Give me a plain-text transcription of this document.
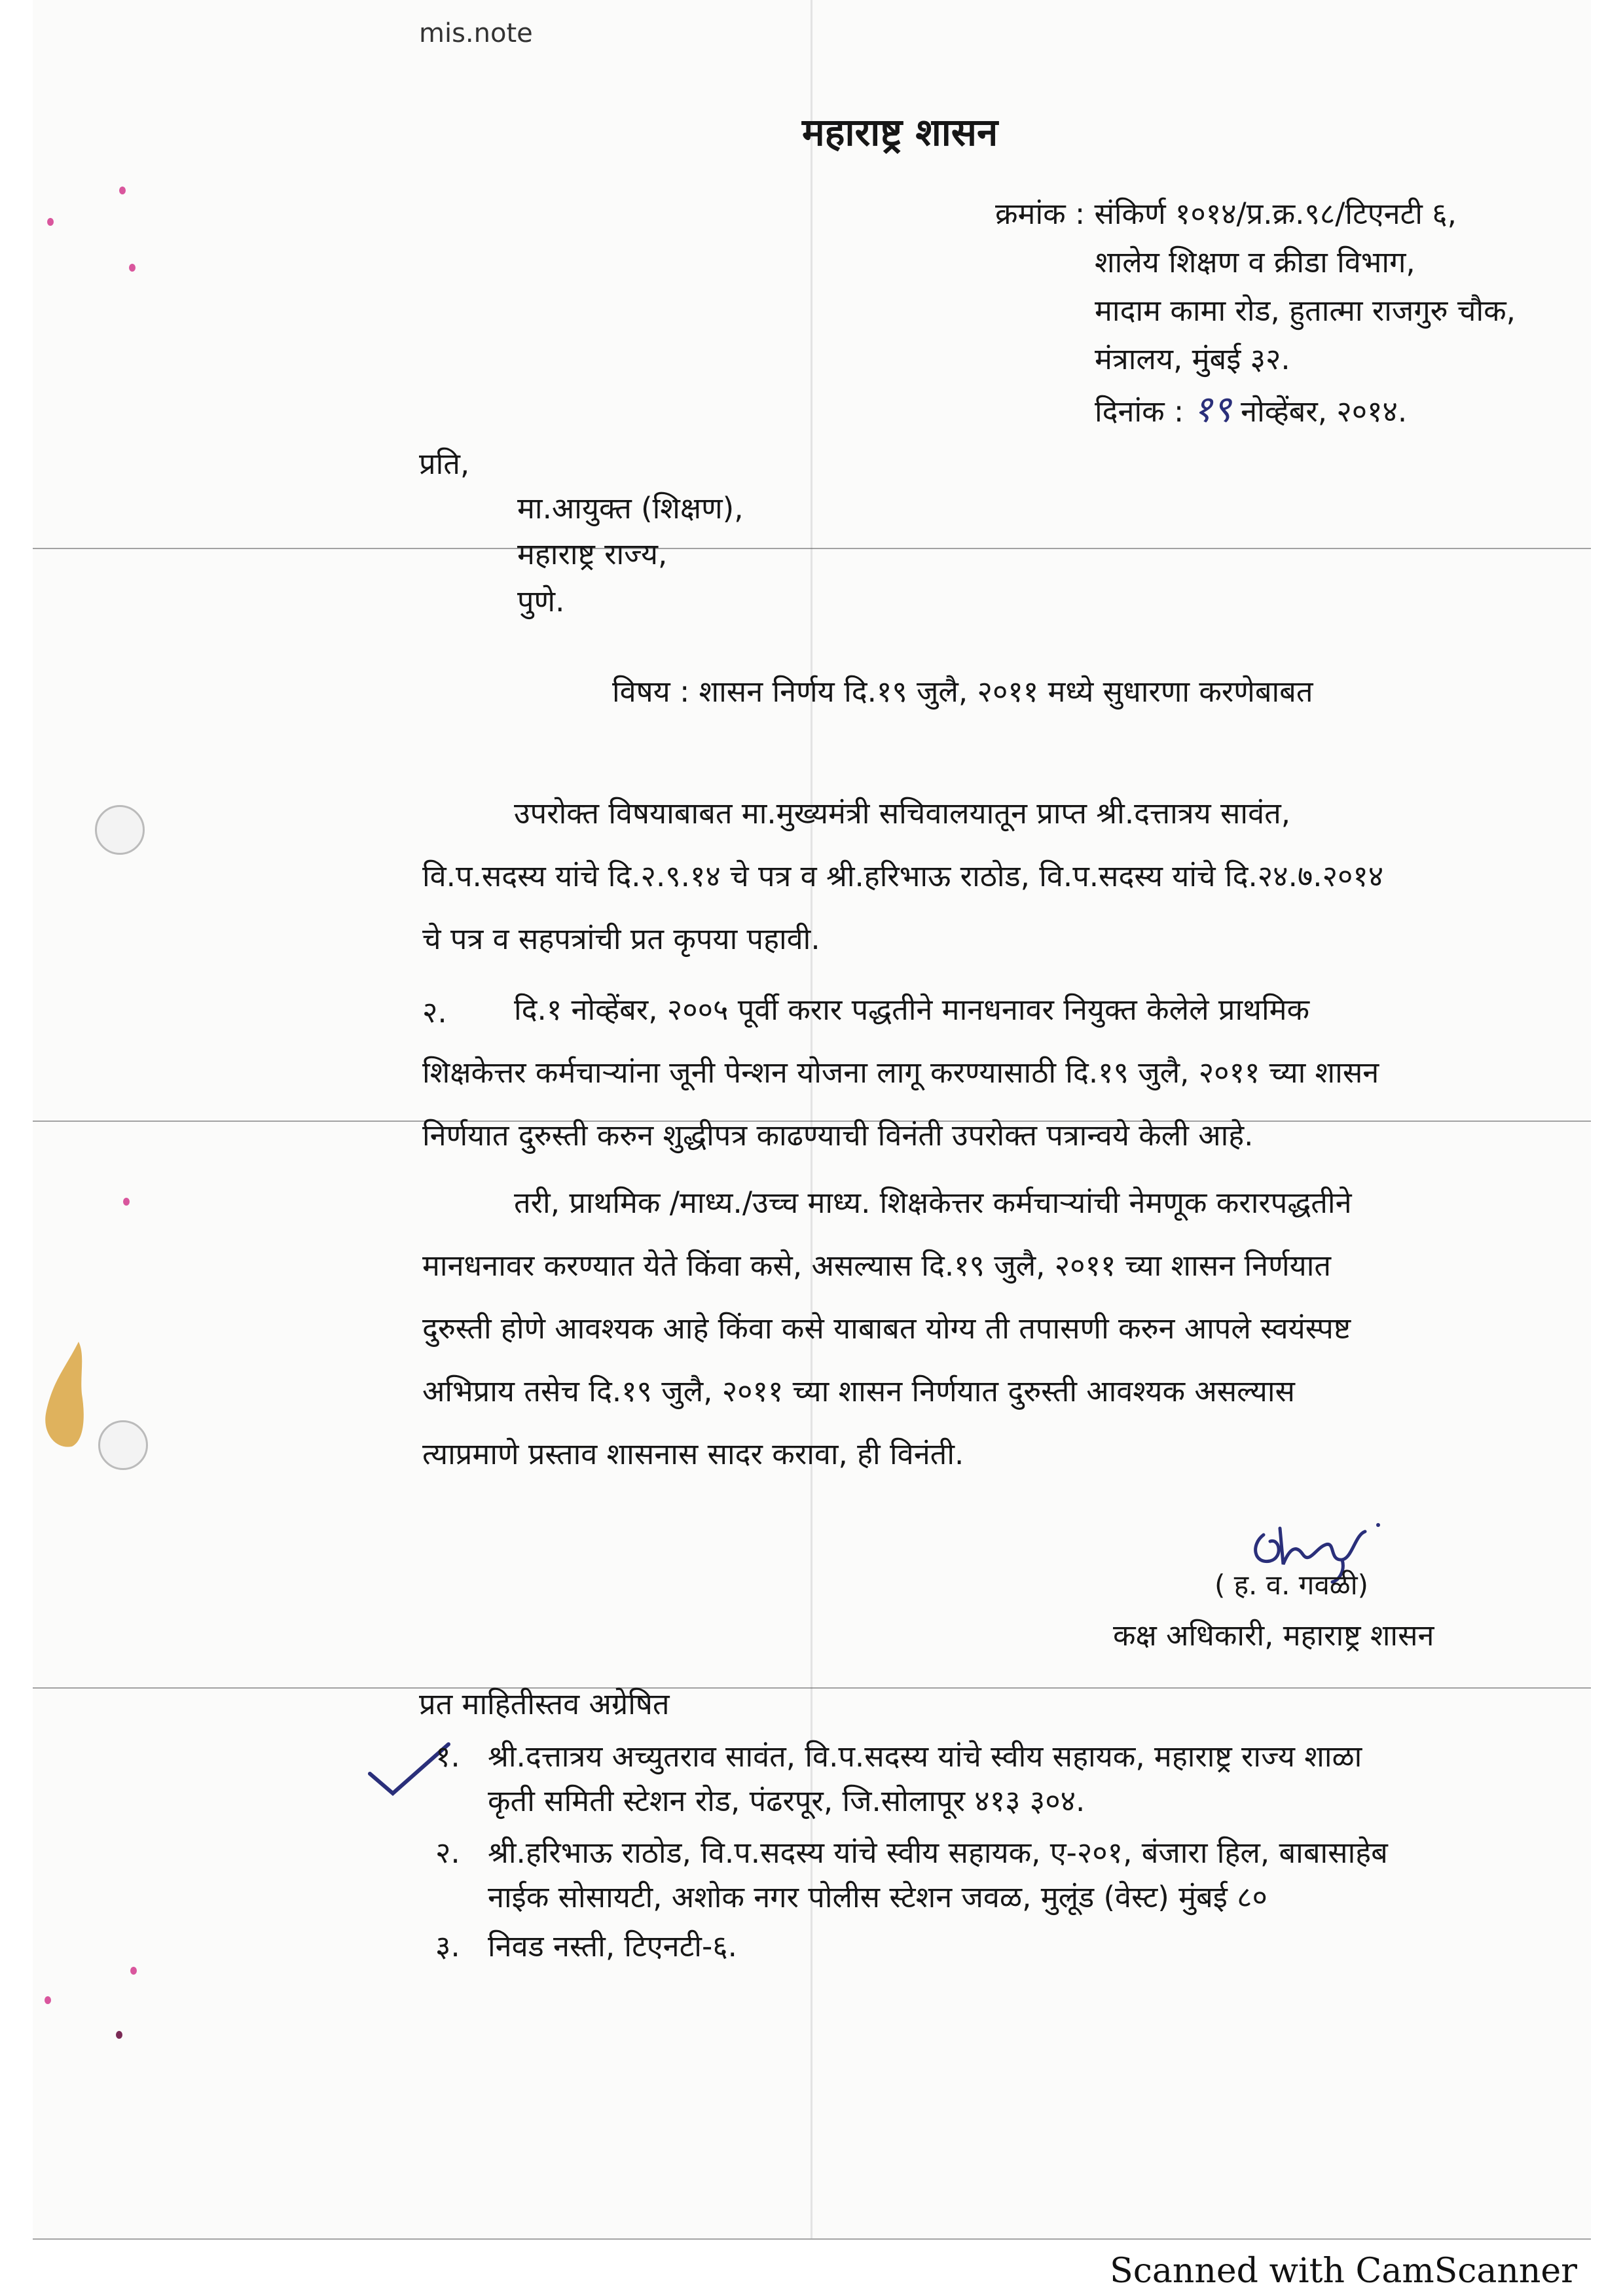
mis.note
महाराष्ट्र शासन
क्रमांक : संकिर्ण १०१४/प्र.क्र.९८/टिएनटी ६,
शालेय शिक्षण व क्रीडा विभाग,
मादाम कामा रोड, हुतात्मा राजगुरु चौक,
मंत्रालय, मुंबई ३२.
दिनांक : १९ नोव्हेंबर, २०१४.
प्रति,
मा.आयुक्त (शिक्षण),
महाराष्ट्र राज्य,
पुणे.
विषय : शासन निर्णय दि.१९ जुलै, २०११ मध्ये सुधारणा करणेबाबत
उपरोक्त विषयाबाबत मा.मुख्यमंत्री सचिवालयातून प्राप्त श्री.दत्तात्रय सावंत,
वि.प.सदस्य यांचे दि.२.९.१४ चे पत्र व श्री.हरिभाऊ राठोड, वि.प.सदस्य यांचे दि.२४.७.२०१४
चे पत्र व सहपत्रांची प्रत कृपया पहावी.
२.	दि.१ नोव्हेंबर, २००५ पूर्वी करार पद्धतीने मानधनावर नियुक्त केलेले प्राथमिक
शिक्षकेत्तर कर्मचाऱ्यांना जूनी पेन्शन योजना लागू करण्यासाठी दि.१९ जुलै, २०११ च्या शासन
निर्णयात दुरुस्ती करुन शुद्धीपत्र काढण्याची विनंती उपरोक्त पत्रान्वये केली आहे.
तरी, प्राथमिक /माध्य./उच्च माध्य. शिक्षकेत्तर कर्मचाऱ्यांची नेमणूक करारपद्धतीने
मानधनावर करण्यात येते किंवा कसे, असल्यास दि.१९ जुलै, २०११ च्या शासन निर्णयात
दुरुस्ती होणे आवश्यक आहे किंवा कसे याबाबत योग्य ती तपासणी करुन आपले स्वयंस्पष्ट
अभिप्राय तसेच दि.१९ जुलै, २०११ च्या शासन निर्णयात दुरुस्ती आवश्यक असल्यास
त्याप्रमाणे प्रस्ताव शासनास सादर करावा, ही विनंती.
( ह. व. गवळी)
कक्ष अधिकारी, महाराष्ट्र शासन
प्रत माहितीस्तव अग्रेषित
१. श्री.दत्तात्रय अच्युतराव सावंत, वि.प.सदस्य यांचे स्वीय सहायक, महाराष्ट्र राज्य शाळा
कृती समिती स्टेशन रोड, पंढरपूर, जि.सोलापूर ४१३ ३०४.
२. श्री.हरिभाऊ राठोड, वि.प.सदस्य यांचे स्वीय सहायक, ए-२०१, बंजारा हिल, बाबासाहेब
नाईक सोसायटी, अशोक नगर पोलीस स्टेशन जवळ, मुलूंड (वेस्ट) मुंबई ८०
३. निवड नस्ती, टिएनटी-६.
Scanned with CamScanner
